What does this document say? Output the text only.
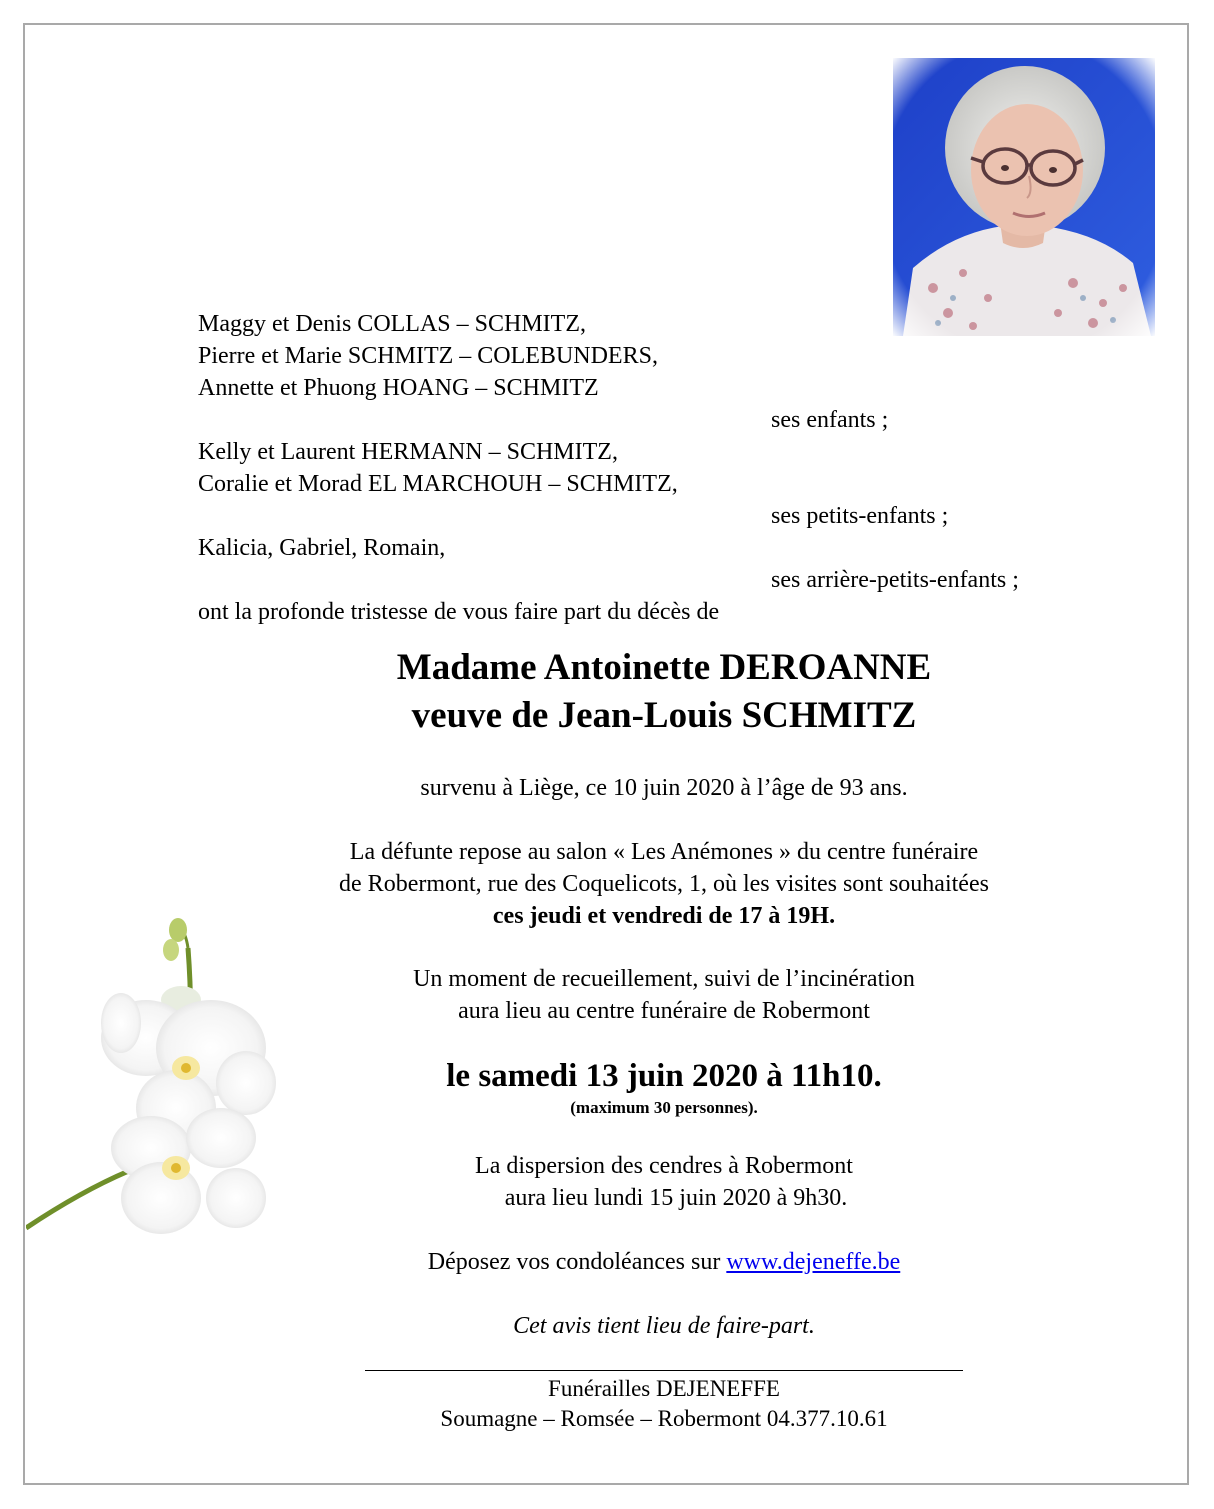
Maggy et Denis COLLAS – SCHMITZ,
Pierre et Marie SCHMITZ – COLEBUNDERS,
Annette et Phuong HOANG – SCHMITZ
ses enfants ;
Kelly et Laurent HERMANN – SCHMITZ,
Coralie et Morad EL MARCHOUH – SCHMITZ,
ses petits-enfants ;
Kalicia, Gabriel, Romain,
ses arrière-petits-enfants ;
ont la profonde tristesse de vous faire part du décès de
Madame Antoinette DEROANNE
veuve de Jean-Louis SCHMITZ
survenu à Liège, ce 10 juin 2020 à l’âge de 93 ans.
La défunte repose au salon « Les Anémones » du centre funéraire
de Robermont, rue des Coquelicots, 1, où les visites sont souhaitées
ces jeudi et vendredi de 17 à 19H.
Un moment de recueillement, suivi de l’incinération
aura lieu au centre funéraire de Robermont
le samedi 13 juin 2020 à 11h10.
(maximum 30 personnes).
La dispersion des cendres à Robermont
aura lieu lundi 15 juin 2020 à 9h30.
Déposez vos condoléances sur www.dejeneffe.be
Cet avis tient lieu de faire-part.
Funérailles DEJENEFFE
Soumagne – Romsée – Robermont 04.377.10.61
